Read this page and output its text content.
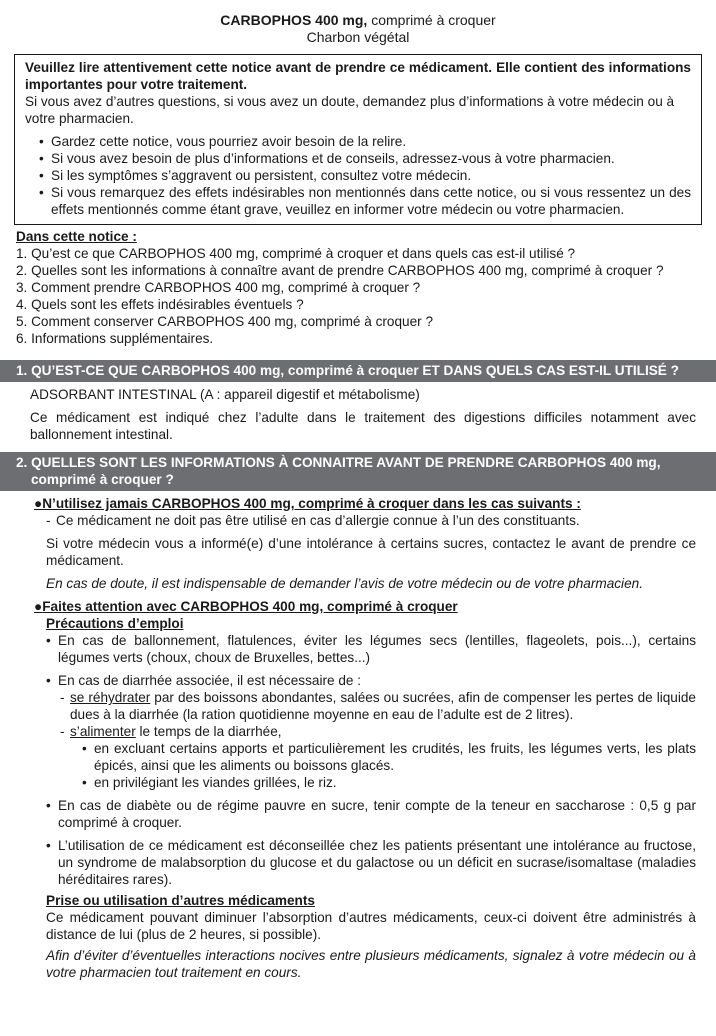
CARBOPHOS 400 mg, comprimé à croquer
Charbon végétal

Veuillez lire attentivement cette notice avant de prendre ce médicament. Elle contient des informations importantes pour votre traitement.

Si vous avez d’autres questions, si vous avez un doute, demandez plus d’informations à votre médecin ou à votre pharmacien.

• Gardez cette notice, vous pourriez avoir besoin de la relire.
• Si vous avez besoin de plus d’informations et de conseils, adressez-vous à votre pharmacien.
• Si les symptômes s’aggravent ou persistent, consultez votre médecin.
• Si vous remarquez des effets indésirables non mentionnés dans cette notice, ou si vous ressentez un des effets mentionnés comme étant grave, veuillez en informer votre médecin ou votre pharmacien.
Dans cette notice :
1. Qu’est ce que CARBOPHOS 400 mg, comprimé à croquer et dans quels cas est-il utilisé ?
2. Quelles sont les informations à connaître avant de prendre CARBOPHOS 400 mg, comprimé à croquer ?
3. Comment prendre CARBOPHOS 400 mg, comprimé à croquer ?
4. Quels sont les effets indésirables éventuels ?
5. Comment conserver CARBOPHOS 400 mg, comprimé à croquer ?
6. Informations supplémentaires.
1. QU’EST-CE QUE CARBOPHOS 400 mg, comprimé à croquer ET DANS QUELS CAS EST-IL UTILISÉ ?

ADSORBANT INTESTINAL (A : appareil digestif et métabolisme)

Ce médicament est indiqué chez l’adulte dans le traitement des digestions difficiles notamment avec ballonnement intestinal.

2. QUELLES SONT LES INFORMATIONS À CONNAITRE AVANT DE PRENDRE CARBOPHOS 400 mg,
comprimé à croquer ?
●N’utilisez jamais CARBOPHOS 400 mg, comprimé à croquer dans les cas suivants :
- Ce médicament ne doit pas être utilisé en cas d’allergie connue à l’un des constituants.

Si votre médecin vous a informé(e) d’une intolérance à certains sucres, contactez le avant de prendre ce médicament.

En cas de doute, il est indispensable de demander l’avis de votre médecin ou de votre pharmacien.

●Faites attention avec CARBOPHOS 400 mg, comprimé à croquer
Précautions d’emploi
• En cas de ballonnement, flatulences, éviter les légumes secs (lentilles, flageolets, pois...), certains légumes verts (choux, choux de Bruxelles, bettes...)
• En cas de diarrhée associée, il est nécessaire de :
- se réhydrater par des boissons abondantes, salées ou sucrées, afin de compenser les pertes de liquide dues à la diarrhée (la ration quotidienne moyenne en eau de l’adulte est de 2 litres).
- s’alimenter le temps de la diarrhée,
• en excluant certains apports et particulièrement les crudités, les fruits, les légumes verts, les plats épicés, ainsi que les aliments ou boissons glacés.
• en privilégiant les viandes grillées, le riz.
• En cas de diabète ou de régime pauvre en sucre, tenir compte de la teneur en saccharose : 0,5 g par comprimé à croquer.
• L’utilisation de ce médicament est déconseillée chez les patients présentant une intolérance au fructose, un syndrome de malabsorption du glucose et du galactose ou un déficit en sucrase/isomaltase (maladies héréditaires rares).
Prise ou utilisation d’autres médicaments

Ce médicament pouvant diminuer l’absorption d’autres médicaments, ceux-ci doivent être administrés à distance de lui (plus de 2 heures, si possible).

Afin d’éviter d’éventuelles interactions nocives entre plusieurs médicaments, signalez à votre médecin ou à votre pharmacien tout traitement en cours.
